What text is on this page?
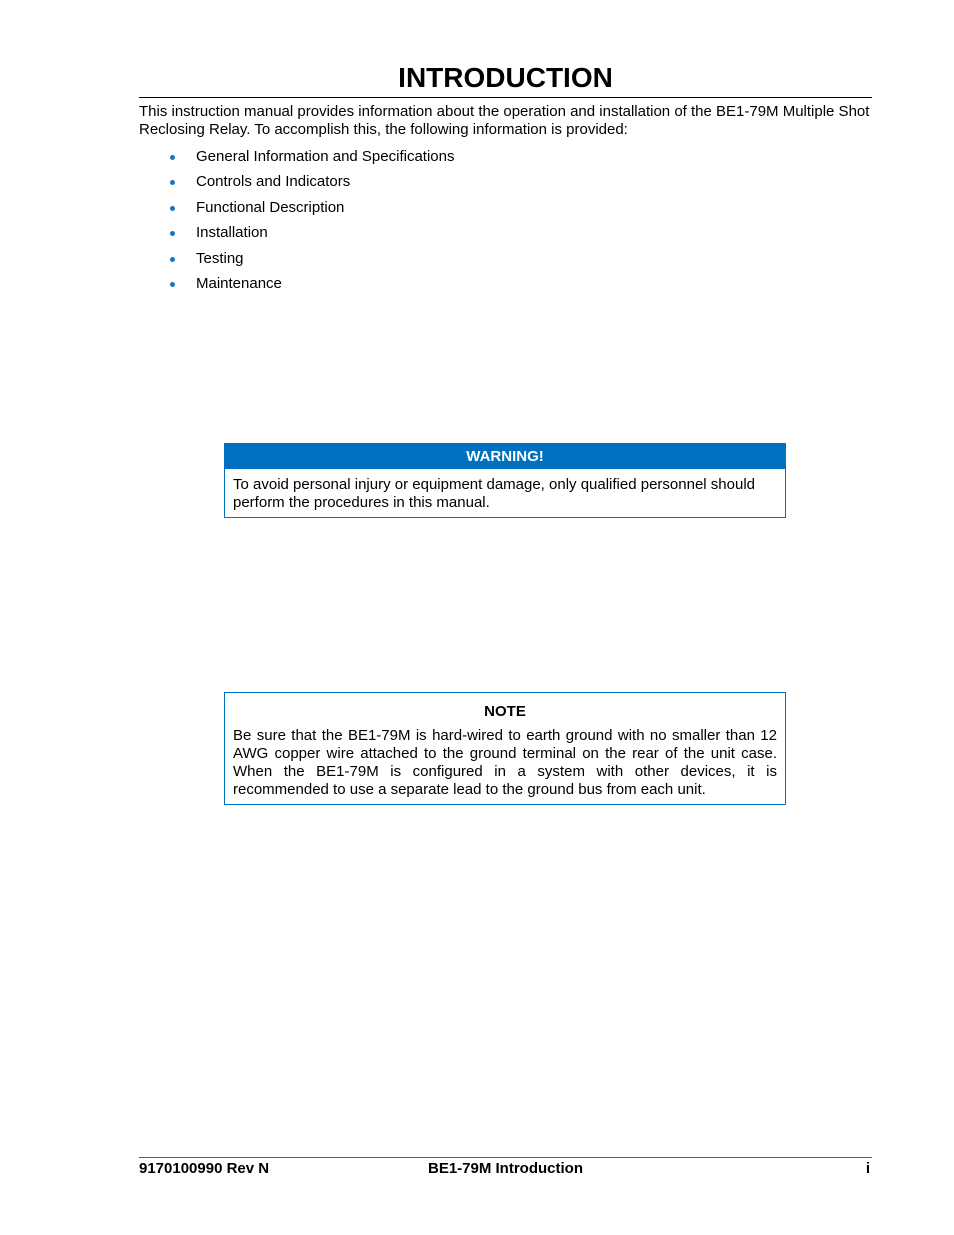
INTRODUCTION

This instruction manual provides information about the operation and installation of the BE1-79M Multiple Shot Reclosing Relay. To accomplish this, the following information is provided:

General Information and Specifications
Controls and Indicators
Functional Description
Installation
Testing
Maintenance
WARNING!
To avoid personal injury or equipment damage, only qualified personnel should perform the procedures in this manual.
NOTE
Be sure that the BE1-79M is hard-wired to earth ground with no smaller than 12 AWG copper wire attached to the ground terminal on the rear of the unit case. When the BE1-79M is configured in a system with other devices, it is recommended to use a separate lead to the ground bus from each unit.
9170100990 Rev N	BE1-79M Introduction	i
